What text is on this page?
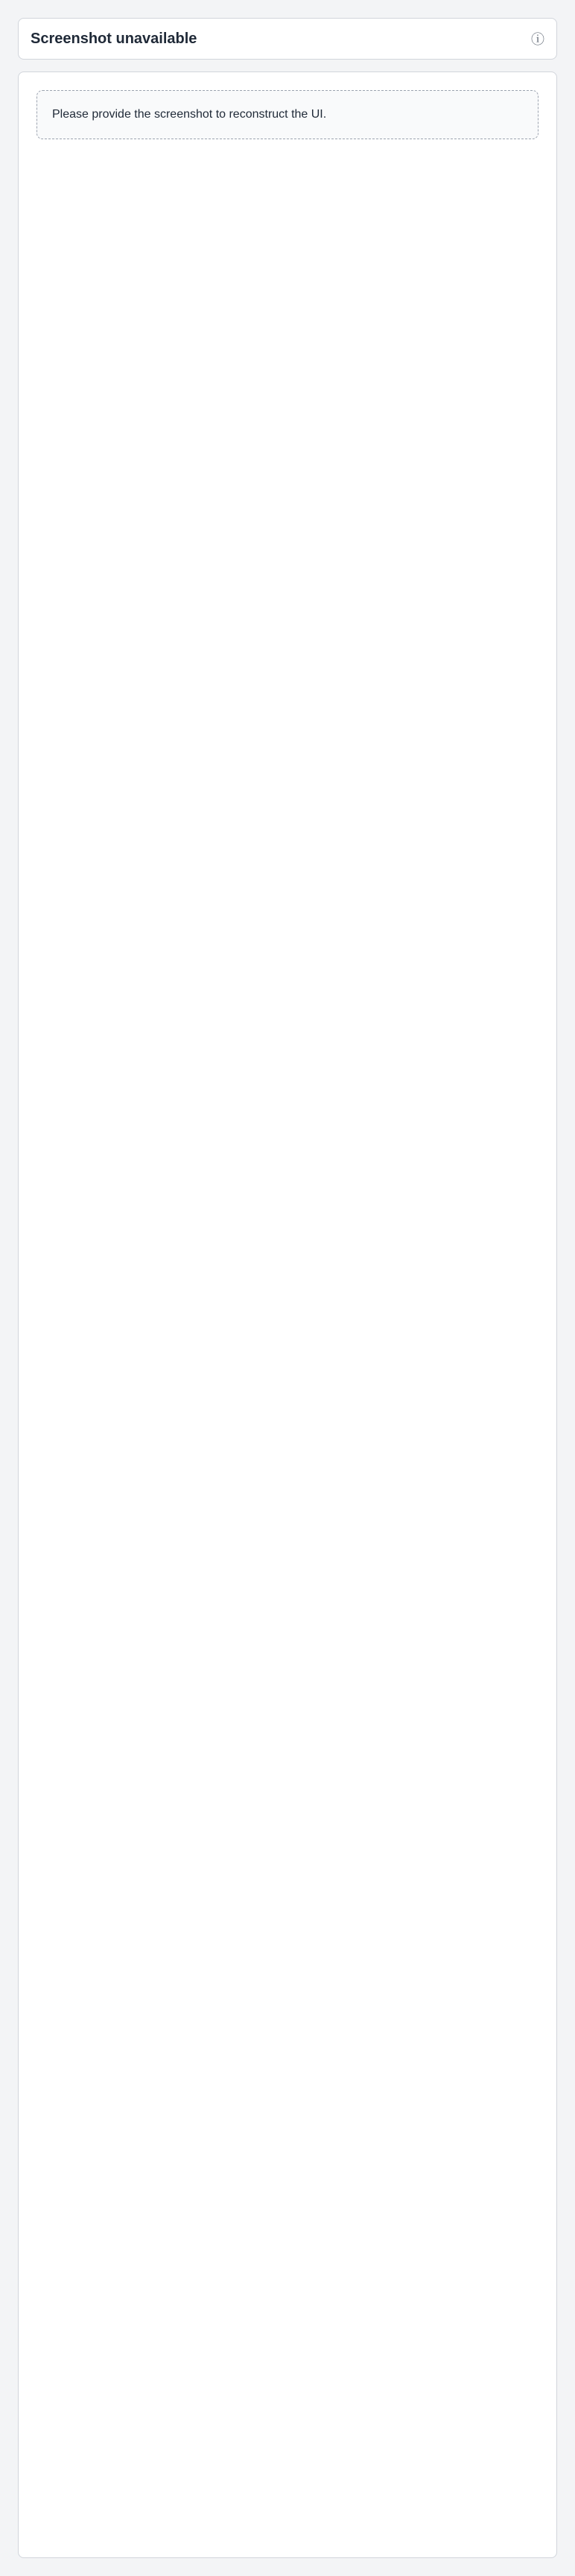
Screenshot unavailable	ⓘ
Please provide the screenshot to reconstruct the UI.
